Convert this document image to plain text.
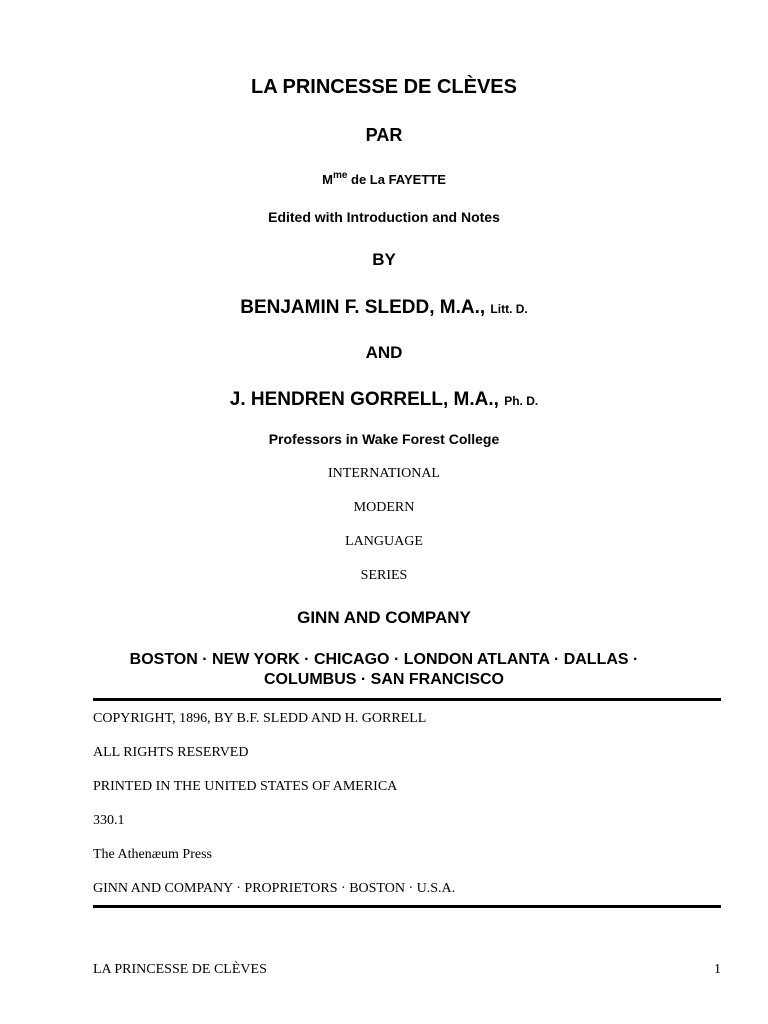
LA PRINCESSE DE CLÈVES
PAR
$M^{me}$ de La FAYETTE
Edited with Introduction and Notes
BY
BENJAMIN F. SLEDD, M.A., Litt. D.
AND
J. HENDREN GORRELL, M.A., Ph. D.
Professors in Wake Forest College
INTERNATIONAL
MODERN
LANGUAGE
SERIES
GINN AND COMPANY
BOSTON · NEW YORK · CHICAGO · LONDON ATLANTA · DALLAS ·
COLUMBUS · SAN FRANCISCO
COPYRIGHT, 1896, BY B.F. SLEDD AND H. GORRELL
ALL RIGHTS RESERVED
PRINTED IN THE UNITED STATES OF AMERICA
330.1
The Athenæum Press
GINN AND COMPANY · PROPRIETORS · BOSTON · U.S.A.
LA PRINCESSE DE CLÈVES	1
